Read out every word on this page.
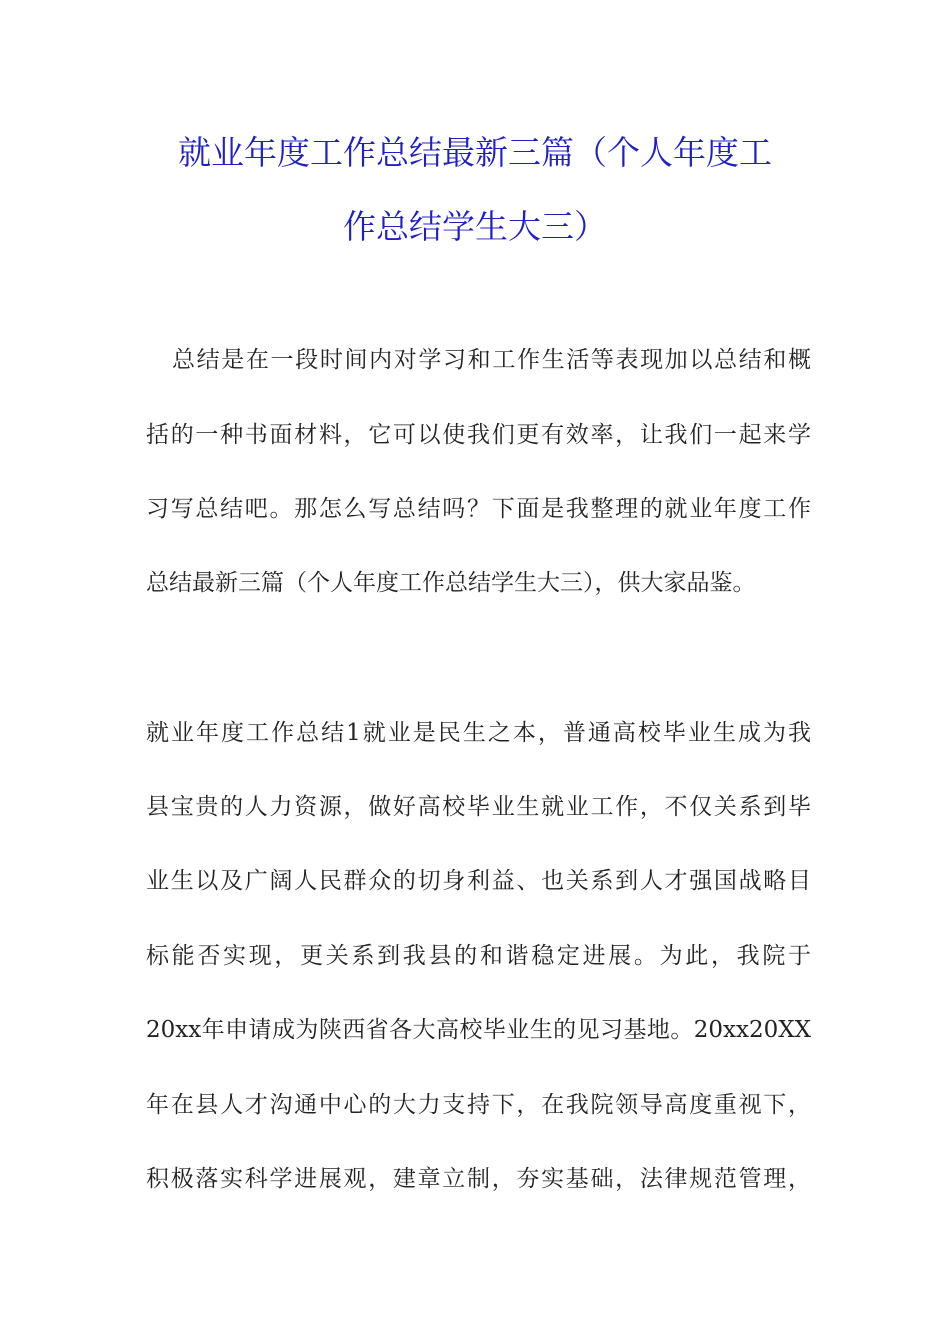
就业年度工作总结最新三篇（个人年度工
作总结学生大三）
总结是在一段时间内对学习和工作生活等表现加以总结和概
括的一种书面材料，它可以使我们更有效率，让我们一起来学
习写总结吧。那怎么写总结吗？下面是我整理的就业年度工作
总结最新三篇（个人年度工作总结学生大三），供大家品鉴。
就业年度工作总结1就业是民生之本，普通高校毕业生成为我
县宝贵的人力资源，做好高校毕业生就业工作，不仅关系到毕
业生以及广阔人民群众的切身利益、也关系到人才强国战略目
标能否实现，更关系到我县的和谐稳定进展。为此，我院于
20xx年申请成为陕西省各大高校毕业生的见习基地。20xx20XX
年在县人才沟通中心的大力支持下，在我院领导高度重视下，
积极落实科学进展观，建章立制，夯实基础，法律规范管理，
